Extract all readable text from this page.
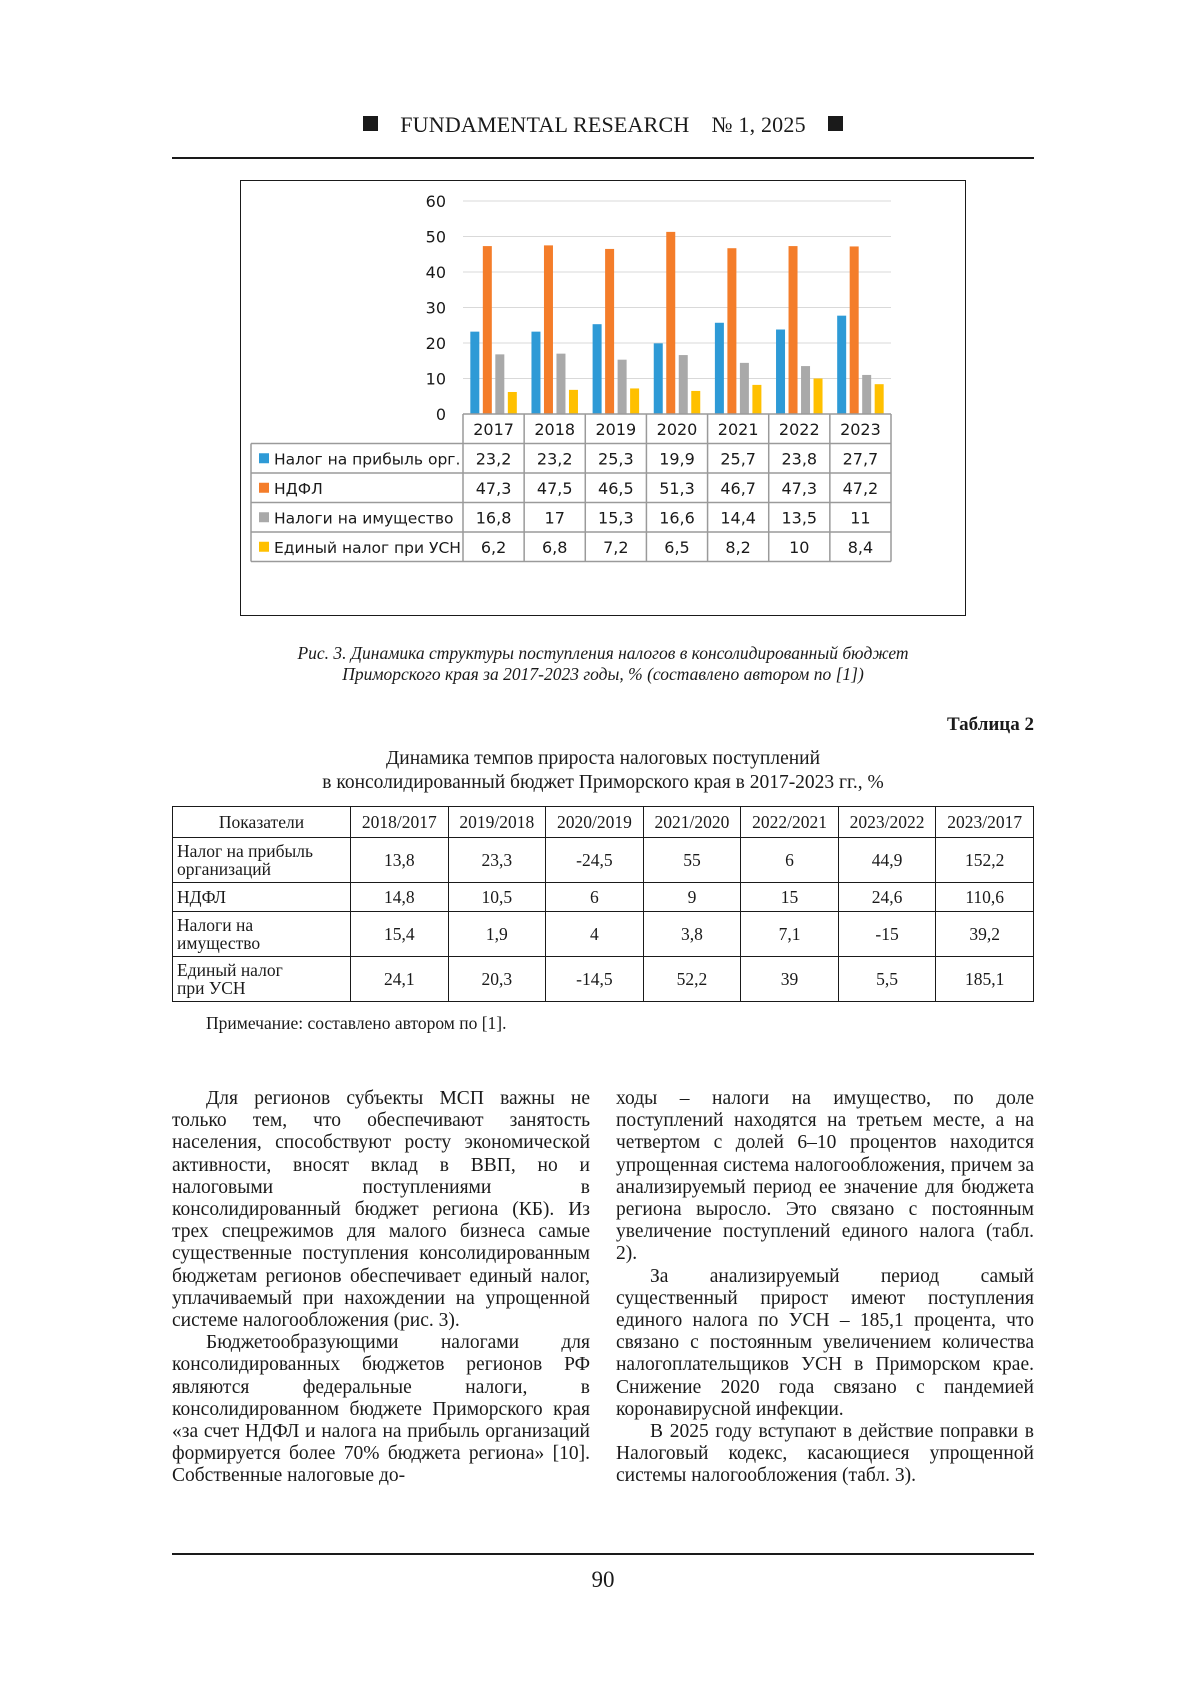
FUNDAMENTAL RESEARCH № 1, 2025
0
10
20
30
40
50
60
2017 2018 2019 2020 2021 2022 2023
Налог на прибыль орг. 23,2 23,2 25,3 19,9 25,7 23,8 27,7
НДФЛ	47,3 47,5 46,5 51,3 46,7 47,3 47,2
Налоги на имущество 16,8 17 15,3 16,6 14,4 13,5 11
Единый налог при УСН 6,2 6,8 7,2 6,5 8,2 10 8,4
Рис. 3. Динамика структуры поступления налогов в консолидированный бюджет
Приморского края за 2017-2023 годы, % (составлено автором по [1])
Таблица 2
Динамика темпов прироста налоговых поступлений
в консолидированный бюджет Приморского края в 2017-2023 гг., %
Показатели	2018/2017	2019/2018	2020/2019	2021/2020	2022/2021	2023/2022	2023/2017
Налог на прибыль
организаций	13,8	23,3	-24,5	55	6	44,9	152,2
НДФЛ	14,8	10,5	6	9	15	24,6	110,6
Налоги на
имущество	15,4	1,9	4	3,8	7,1	-15	39,2
Единый налог
при УСН	24,1	20,3	-14,5	52,2	39	5,5	185,1
Примечание: составлено автором по [1].

Для регионов субъекты МСП важны не только тем, что обеспечивают занятость населения, способствуют росту экономической активности, вносят вклад в ВВП, но и налоговыми поступлениями в консолидированный бюджет региона (КБ). Из трех спецрежимов для малого бизнеса самые существенные поступления консолидированным бюджетам регионов обеспечивает единый налог, уплачиваемый при нахождении на упрощенной системе налогообложения (рис. 3).

Бюджетообразующими налогами для консолидированных бюджетов регионов РФ являются федеральные налоги, в консолидированном бюджете Приморского края «за счет НДФЛ и налога на прибыль организаций формируется более 70% бюджета региона» [10]. Собственные налоговые до-

ходы – налоги на имущество, по доле поступлений находятся на третьем месте, а на четвертом с долей 6–10 процентов находится упрощенная система налогообложения, причем за анализируемый период ее значение для бюджета региона выросло. Это связано с постоянным увеличение поступлений единого налога (табл. 2).

За анализируемый период самый существенный прирост имеют поступления единого налога по УСН – 185,1 процента, что связано с постоянным увеличением количества налогоплательщиков УСН в Приморском крае. Снижение 2020 года связано с пандемией коронавирусной инфекции.

В 2025 году вступают в действие поправки в Налоговый кодекс, касающиеся упрощенной системы налогообложения (табл. 3).

90
